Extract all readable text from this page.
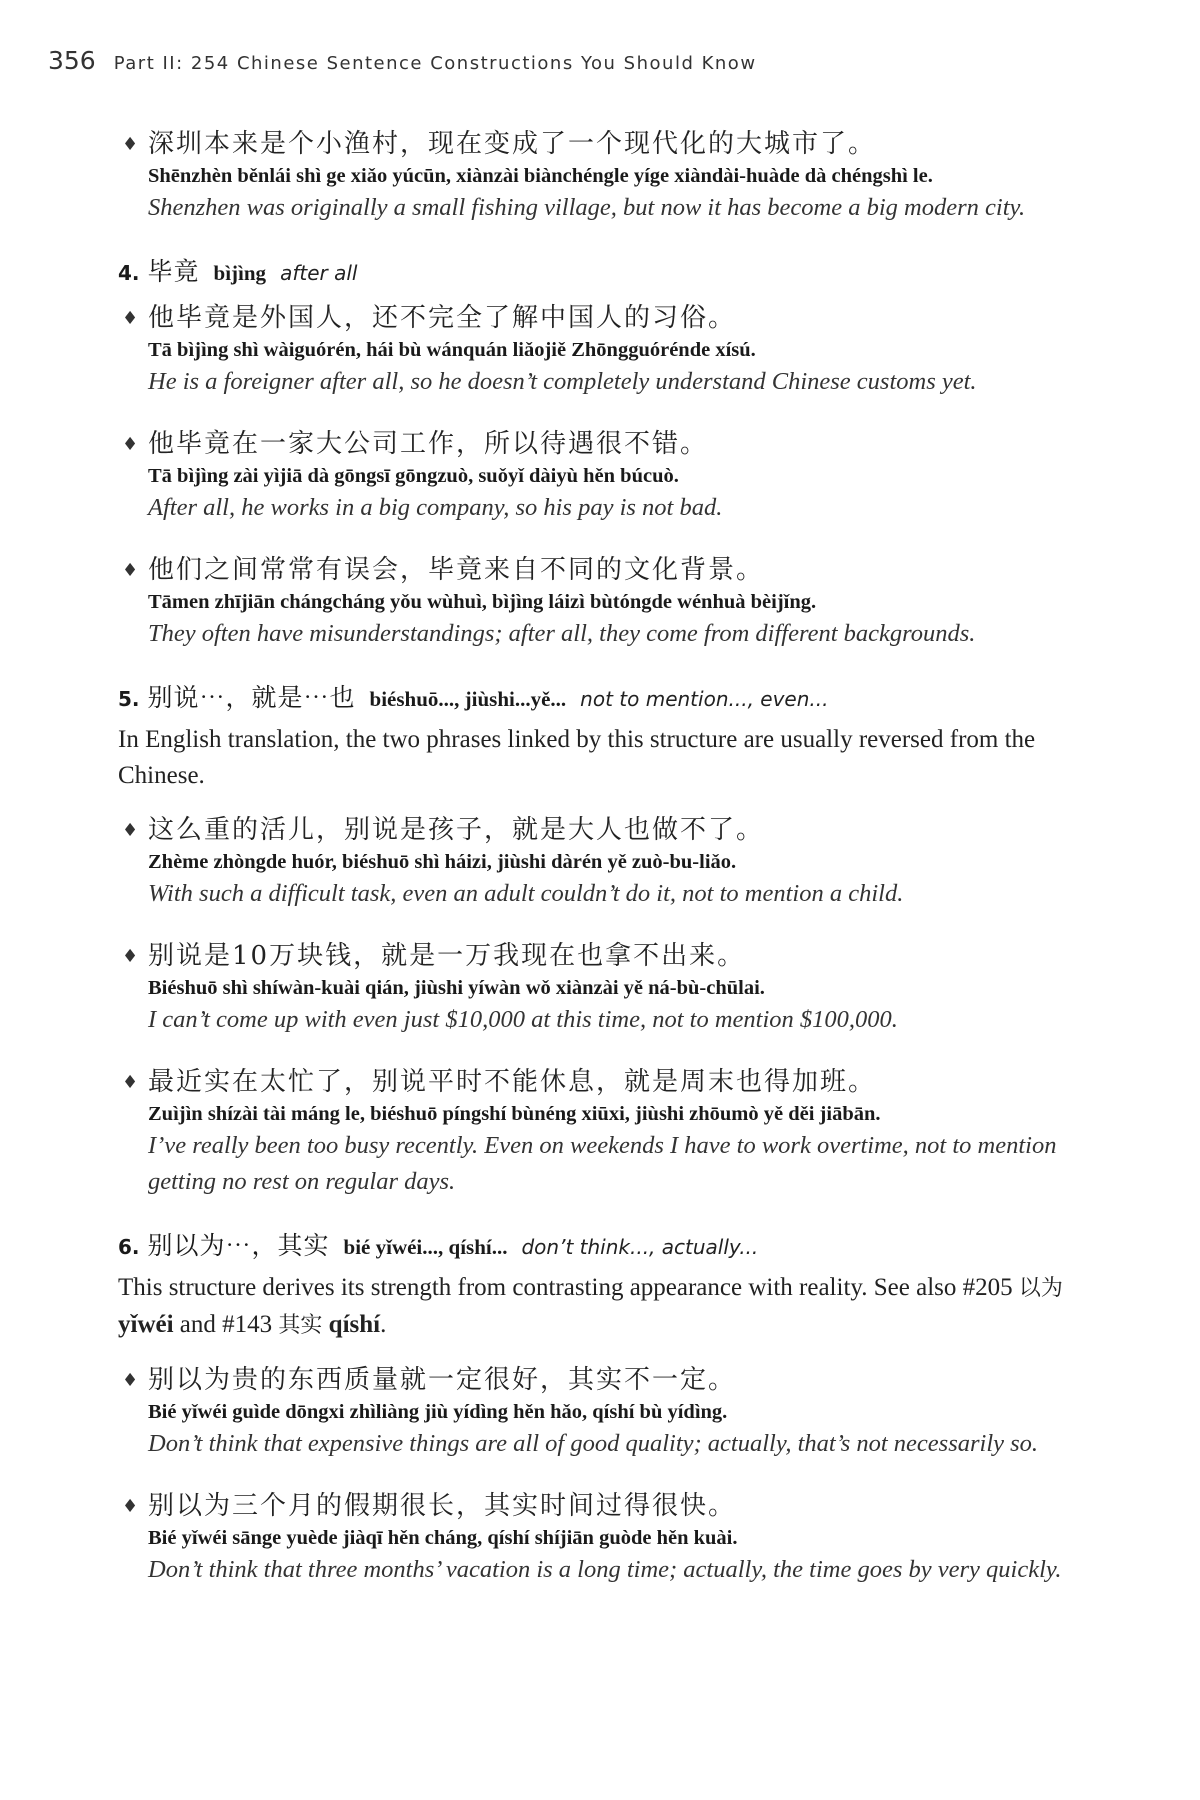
356 Part II: 254 Chinese Sentence Constructions You Should Know
♦ 深圳本来是个小渔村，现在变成了一个现代化的大城市了。
Shēnzhèn běnlái shì ge xiǎo yúcūn, xiànzài biànchéngle yíge xiàndài-huàde dà chéngshì le.
Shenzhen was originally a small fishing village, but now it has become a big modern city.
4. 毕竟 bìjìng after all
♦ 他毕竟是外国人，还不完全了解中国人的习俗。
Tā bìjìng shì wàiguórén, hái bù wánquán liǎojiě Zhōngguórénde xísú.
He is a foreigner after all, so he doesn’t completely understand Chinese customs yet.
♦ 他毕竟在一家大公司工作，所以待遇很不错。
Tā bìjìng zài yìjiā dà gōngsī gōngzuò, suǒyǐ dàiyù hěn búcuò.
After all, he works in a big company, so his pay is not bad.
♦ 他们之间常常有误会，毕竟来自不同的文化背景。
Tāmen zhījiān chángcháng yǒu wùhuì, bìjìng láizì bùtóngde wénhuà bèijǐng.
They often have misunderstandings; after all, they come from different backgrounds.
5. 别说⋯，就是⋯也 biéshuō..., jiùshi...yě... not to mention..., even...
In English translation, the two phrases linked by this structure are usually reversed from the Chinese.
♦ 这么重的活儿，别说是孩子，就是大人也做不了。
Zhème zhòngde huór, biéshuō shì háizi, jiùshi dàrén yě zuò-bu-liǎo.
With such a difficult task, even an adult couldn’t do it, not to mention a child.
♦ 别说是10万块钱，就是一万我现在也拿不出来。
Biéshuō shì shíwàn-kuài qián, jiùshi yíwàn wǒ xiànzài yě ná-bù-chūlai.
I can’t come up with even just $10,000 at this time, not to mention $100,000.
♦ 最近实在太忙了，别说平时不能休息，就是周末也得加班。
Zuìjìn shízài tài máng le, biéshuō píngshí bùnéng xiūxi, jiùshi zhōumò yě děi jiābān.
I’ve really been too busy recently. Even on weekends I have to work overtime, not to mention getting no rest on regular days.
6. 别以为⋯，其实 bié yǐwéi..., qíshí... don’t think..., actually...
This structure derives its strength from contrasting appearance with reality. See also #205 以为 yǐwéi and #143 其实 qíshí.
♦ 别以为贵的东西质量就一定很好，其实不一定。
Bié yǐwéi guìde dōngxi zhìliàng jiù yídìng hěn hǎo, qíshí bù yídìng.
Don’t think that expensive things are all of good quality; actually, that’s not necessarily so.
♦ 别以为三个月的假期很长，其实时间过得很快。
Bié yǐwéi sānge yuède jiàqī hěn cháng, qíshí shíjiān guòde hěn kuài.
Don’t think that three months’ vacation is a long time; actually, the time goes by very quickly.
